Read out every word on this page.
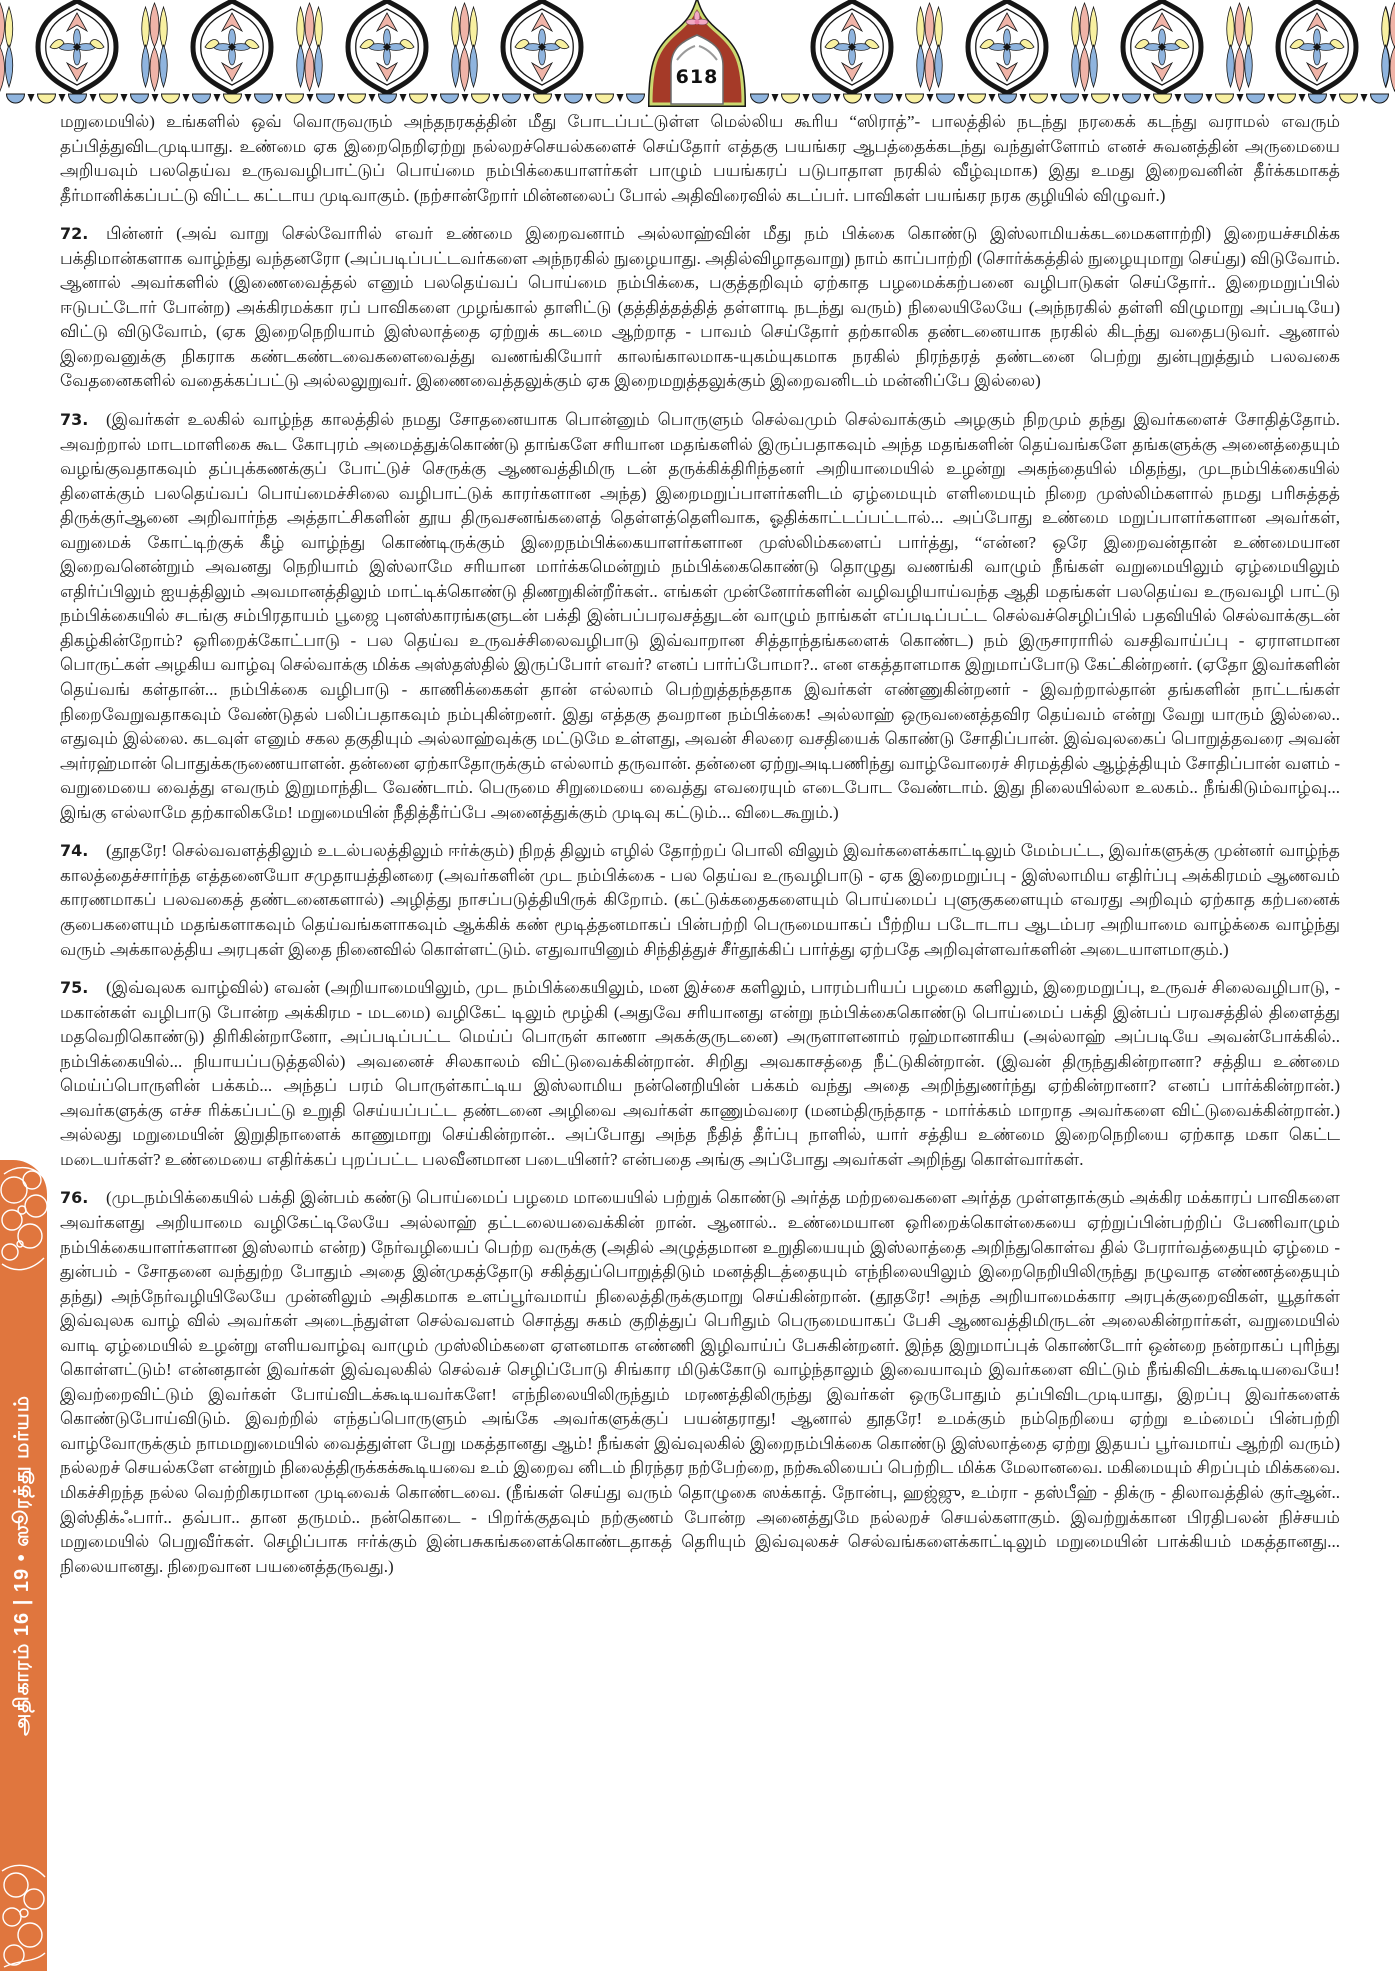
618
அதிகாரம் 16 | 19 • ஸூரத்து மர்யம்

மறுமையில்) உங்களில் ஒவ் வொருவரும் அந்தநரகத்தின் மீது போடப்பட்டுள்ள மெல்லிய கூரிய “ஸிராத்”- பாலத்தில் நடந்து நரகைக் கடந்து வராமல் எவரும் தப்பித்துவிடமுடியாது. உண்மை ஏக இறைநெறிஏற்று நல்லறச்செயல்களைச் செய்தோர் எத்தகு பயங்கர ஆபத்தைக்கடந்து வந்துள்ளோம் எனச் சுவனத்தின் அருமையை அறியவும் பலதெய்வ உருவவழிபாட்டுப் பொய்மை நம்பிக்கையாளர்கள் பாழும் பயங்கரப் படுபாதாள நரகில் வீழ்வுமாக) இது உமது இறைவனின் தீர்க்கமாகத் தீர்மானிக்கப்பட்டு விட்ட கட்டாய முடிவாகும். (நற்சான்றோர் மின்னலைப் போல் அதிவிரைவில் கடப்பர். பாவிகள் பயங்கர நரக குழியில் விழுவர்.)

72. பின்னர் (அவ் வாறு செல்வோரில் எவர் உண்மை இறைவனாம் அல்லாஹ்வின் மீது நம் பிக்கை கொண்டு இஸ்லாமியக்கடமைகளாற்றி) இறையச்சமிக்க பக்திமான்களாக வாழ்ந்து வந்தனரோ (அப்படிப்பட்டவர்களை அந்நரகில் நுழையாது. அதில்விழாதவாறு) நாம் காப்பாற்றி (சொர்க்கத்தில் நுழையுமாறு செய்து) விடுவோம். ஆனால் அவர்களில் (இணைவைத்தல் எனும் பலதெய்வப் பொய்மை நம்பிக்கை, பகுத்தறிவும் ஏற்காத பழமைக்கற்பனை வழிபாடுகள் செய்தோர்.. இறைமறுப்பில் ஈடுபட்டோர் போன்ற) அக்கிரமக்கா ரப் பாவிகளை முழங்கால் தாளிட்டு (தத்தித்தத்தித் தள்ளாடி நடந்து வரும்) நிலையிலேயே (அந்நரகில் தள்ளி விழுமாறு அப்படியே) விட்டு விடுவோம், (ஏக இறைநெறியாம் இஸ்லாத்தை ஏற்றுக் கடமை ஆற்றாத - பாவம் செய்தோர் தற்காலிக தண்டனையாக நரகில் கிடந்து வதைபடுவர். ஆனால் இறைவனுக்கு நிகராக கண்டகண்டவைகளைவைத்து வணங்கியோர் காலங்காலமாக-யுகம்யுகமாக நரகில் நிரந்தரத் தண்டனை பெற்று துன்புறுத்தும் பலவகை வேதனைகளில் வதைக்கப்பட்டு அல்லலுறுவர். இணைவைத்தலுக்கும் ஏக இறைமறுத்தலுக்கும் இறைவனிடம் மன்னிப்பே இல்லை)

73. (இவர்கள் உலகில் வாழ்ந்த காலத்தில் நமது சோதனையாக பொன்னும் பொருளும் செல்வமும் செல்வாக்கும் அழகும் நிறமும் தந்து இவர்களைச் சோதித்தோம். அவற்றால் மாடமாளிகை கூட கோபுரம் அமைத்துக்கொண்டு தாங்களே சரியான மதங்களில் இருப்பதாகவும் அந்த மதங்களின் தெய்வங்களே தங்களுக்கு அனைத்தையும் வழங்குவதாகவும் தப்புக்கணக்குப் போட்டுச் செருக்கு ஆணவத்திமிரு டன் தருக்கிக்திரிந்தனர் அறியாமையில் உழன்று அகந்தையில் மிதந்து, முடநம்பிக்கையில் திளைக்கும் பலதெய்வப் பொய்மைச்சிலை வழிபாட்டுக் காரர்களான அந்த) இறைமறுப்பாளர்களிடம் ஏழ்மையும் எளிமையும் நிறை முஸ்லிம்களால் நமது பரிசுத்தத் திருக்குர்ஆனை அறிவார்ந்த அத்தாட்சிகளின் தூய திருவசனங்களைத் தெள்ளத்தெளிவாக, ஓதிக்காட்டப்பட்டால்... அப்போது உண்மை மறுப்பாளர்களான அவர்கள், வறுமைக் கோட்டிற்குக் கீழ் வாழ்ந்து கொண்டிருக்கும் இறைநம்பிக்கையாளர்களான முஸ்லிம்களைப் பார்த்து, “என்ன? ஒரே இறைவன்தான் உண்மையான இறைவனென்றும் அவனது நெறியாம் இஸ்லாமே சரியான மார்க்கமென்றும் நம்பிக்கைகொண்டு தொழுது வணங்கி வாழும் நீங்கள் வறுமையிலும் ஏழ்மையிலும் எதிர்ப்பிலும் ஐயத்திலும் அவமானத்திலும் மாட்டிக்கொண்டு திணறுகின்றீர்கள்.. எங்கள் முன்னோர்களின் வழிவழியாய்வந்த ஆதி மதங்கள் பலதெய்வ உருவவழி பாட்டு நம்பிக்கையில் சடங்கு சம்பிரதாயம் பூஜை புனஸ்காரங்களுடன் பக்தி இன்பப்பரவசத்துடன் வாழும் நாங்கள் எப்படிப்பட்ட செல்வச்செழிப்பில் பதவியில் செல்வாக்குடன் திகழ்கின்றோம்? ஒரிறைக்கோட்பாடு - பல தெய்வ உருவச்சிலைவழிபாடு இவ்வாறான சித்தாந்தங்களைக் கொண்ட) நம் இருசாராரில் வசதிவாய்ப்பு - ஏராளமான பொருட்கள் அழகிய வாழ்வு செல்வாக்கு மிக்க அஸ்தஸ்தில் இருப்போர் எவர்? எனப் பார்ப்போமா?.. என எகத்தாளமாக இறுமாப்போடு கேட்கின்றனர். (ஏதோ இவர்களின் தெய்வங் கள்தான்... நம்பிக்கை வழிபாடு - காணிக்கைகள் தான் எல்லாம் பெற்றுத்தந்ததாக இவர்கள் எண்ணுகின்றனர் - இவற்றால்தான் தங்களின் நாட்டங்கள் நிறைவேறுவதாகவும் வேண்டுதல் பலிப்பதாகவும் நம்புகின்றனர். இது எத்தகு தவறான நம்பிக்கை! அல்லாஹ் ஒருவனைத்தவிர தெய்வம் என்று வேறு யாரும் இல்லை.. எதுவும் இல்லை. கடவுள் எனும் சகல தகுதியும் அல்லாஹ்வுக்கு மட்டுமே உள்ளது, அவன் சிலரை வசதியைக் கொண்டு சோதிப்பான். இவ்வுலகைப் பொறுத்தவரை அவன் அர்ரஹ்மான் பொதுக்கருணையாளன். தன்னை ஏற்காதோருக்கும் எல்லாம் தருவான். தன்னை ஏற்றுஅடிபணிந்து வாழ்வோரைச் சிரமத்தில் ஆழ்த்தியும் சோதிப்பான் வளம் - வறுமையை வைத்து எவரும் இறுமாந்திட வேண்டாம். பெருமை சிறுமையை வைத்து எவரையும் எடைபோட வேண்டாம். இது நிலையில்லா உலகம்.. நீங்கிடும்வாழ்வு... இங்கு எல்லாமே தற்காலிகமே! மறுமையின் நீதித்தீர்ப்பே அனைத்துக்கும் முடிவு கட்டும்... விடைகூறும்.)

74. (தூதரே! செல்வவளத்திலும் உடல்பலத்திலும் ஈர்க்கும்) நிறத் திலும் எழில் தோற்றப் பொலி விலும் இவர்களைக்காட்டிலும் மேம்பட்ட, இவர்களுக்கு முன்னர் வாழ்ந்த காலத்தைச்சார்ந்த எத்தனையோ சமுதாயத்தினரை (அவர்களின் முட நம்பிக்கை - பல தெய்வ உருவழிபாடு - ஏக இறைமறுப்பு - இஸ்லாமிய எதிர்ப்பு அக்கிரமம் ஆணவம் காரணமாகப் பலவகைத் தண்டனைகளால்) அழித்து நாசப்படுத்தியிருக் கிறோம். (கட்டுக்கதைகளையும் பொய்மைப் புளுகுகளையும் எவரது அறிவும் ஏற்காத கற்பனைக் குபைகளையும் மதங்களாகவும் தெய்வங்களாகவும் ஆக்கிக் கண் மூடித்தனமாகப் பின்பற்றி பெருமையாகப் பீற்றிய படோடாப ஆடம்பர அறியாமை வாழ்க்கை வாழ்ந்து வரும் அக்காலத்திய அரபுகள் இதை நினைவில் கொள்ளட்டும். எதுவாயினும் சிந்தித்துச் சீர்தூக்கிப் பார்த்து ஏற்பதே அறிவுள்ளவர்களின் அடையாளமாகும்.)

75. (இவ்வுலக வாழ்வில்) எவன் (அறியாமையிலும், முட நம்பிக்கையிலும், மன இச்சை களிலும், பாரம்பரியப் பழமை களிலும், இறைமறுப்பு, உருவச் சிலைவழிபாடு, - மகான்கள் வழிபாடு போன்ற அக்கிரம - மடமை) வழிகேட் டிலும் மூழ்கி (அதுவே சரியானது என்று நம்பிக்கைகொண்டு பொய்மைப் பக்தி இன்பப் பரவசத்தில் திளைத்து மதவெறிகொண்டு) திரிகின்றானோ, அப்படிப்பட்ட மெய்ப் பொருள் காணா அகக்குருடனை) அருளாளனாம் ரஹ்மானாகிய (அல்லாஹ் அப்படியே அவன்போக்கில்.. நம்பிக்கையில்... நியாயப்படுத்தலில்) அவனைச் சிலகாலம் விட்டுவைக்கின்றான். சிறிது அவகாசத்தை நீட்டுகின்றான். (இவன் திருந்துகின்றானா? சத்திய உண்மை மெய்ப்பொருளின் பக்கம்... அந்தப் பரம் பொருள்காட்டிய இஸ்லாமிய நன்னெறியின் பக்கம் வந்து அதை அறிந்துணர்ந்து ஏற்கின்றானா? எனப் பார்க்கின்றான்.) அவர்களுக்கு எச்ச ரிக்கப்பட்டு உறுதி செய்யப்பட்ட தண்டனை அழிவை அவர்கள் காணும்வரை (மனம்திருந்தாத - மார்க்கம் மாறாத அவர்களை விட்டுவைக்கின்றான்.) அல்லது மறுமையின் இறுதிநாளைக் காணுமாறு செய்கின்றான்.. அப்போது அந்த நீதித் தீர்ப்பு நாளில், யார் சத்திய உண்மை இறைநெறியை ஏற்காத மகா கெட்ட மடையர்கள்? உண்மையை எதிர்க்கப் புறப்பட்ட பலவீனமான படையினர்? என்பதை அங்கு அப்போது அவர்கள் அறிந்து கொள்வார்கள்.

76. (முடநம்பிக்கையில் பக்தி இன்பம் கண்டு பொய்மைப் பழமை மாயையில் பற்றுக் கொண்டு அர்த்த மற்றவைகளை அர்த்த முள்ளதாக்கும் அக்கிர மக்காரப் பாவிகளை அவர்களது அறியாமை வழிகேட்டிலேயே அல்லாஹ் தட்டலையவைக்கின் றான். ஆனால்.. உண்மையான ஒரிறைக்கொள்கையை ஏற்றுப்பின்பற்றிப் பேணிவாழும் நம்பிக்கையாளர்களான இஸ்லாம் என்ற) நேர்வழியைப் பெற்ற வருக்கு (அதில் அழுத்தமான உறுதியையும் இஸ்லாத்தை அறிந்துகொள்வ தில் பேரார்வத்தையும் ஏழ்மை - துன்பம் - சோதனை வந்துற்ற போதும் அதை இன்முகத்தோடு சகித்துப்பொறுத்திடும் மனத்திடத்தையும் எந்நிலையிலும் இறைநெறியிலிருந்து நழுவாத எண்ணத்தையும் தந்து) அந்நேர்வழியிலேயே முன்னிலும் அதிகமாக உளப்பூர்வமாய் நிலைத்திருக்குமாறு செய்கின்றான். (தூதரே! அந்த அறியாமைக்கார அரபுக்குறைவிகள், யூதர்கள் இவ்வுலக வாழ் வில் அவர்கள் அடைந்துள்ள செல்வவளம் சொத்து சுகம் குறித்துப் பெரிதும் பெருமையாகப் பேசி ஆணவத்திமிருடன் அலைகின்றார்கள், வறுமையில் வாடி ஏழ்மையில் உழன்று எளியவாழ்வு வாழும் முஸ்லிம்களை ஏளனமாக எண்ணி இழிவாய்ப் பேசுகின்றனர். இந்த இறுமாப்புக் கொண்டோர் ஒன்றை நன்றாகப் புரிந்து கொள்ளட்டும்! என்னதான் இவர்கள் இவ்வுலகில் செல்வச் செழிப்போடு சிங்கார மிடுக்கோடு வாழ்ந்தாலும் இவையாவும் இவர்களை விட்டும் நீங்கிவிடக்கூடியவையே! இவற்றைவிட்டும் இவர்கள் போய்விடக்கூடியவர்களே! எந்நிலையிலிருந்தும் மரணத்திலிருந்து இவர்கள் ஒருபோதும் தப்பிவிடமுடியாது, இறப்பு இவர்களைக் கொண்டுபோய்விடும். இவற்றில் எந்தப்பொருளும் அங்கே அவர்களுக்குப் பயன்தராது! ஆனால் தூதரே! உமக்கும் நம்நெறியை ஏற்று உம்மைப் பின்பற்றி வாழ்வோருக்கும் நாமமறுமையில் வைத்துள்ள பேறு மகத்தானது ஆம்! நீங்கள் இவ்வுலகில் இறைநம்பிக்கை கொண்டு இஸ்லாத்தை ஏற்று இதயப் பூர்வமாய் ஆற்றி வரும்) நல்லறச் செயல்களே என்றும் நிலைத்திருக்கக்கூடியவை உம் இறைவ னிடம் நிரந்தர நற்பேற்றை, நற்கூலியைப் பெற்றிட மிக்க மேலானவை. மகிமையும் சிறப்பும் மிக்கவை. மிகச்சிறந்த நல்ல வெற்றிகரமான முடிவைக் கொண்டவை. (நீங்கள் செய்து வரும் தொழுகை ஸக்காத். நோன்பு, ஹஜ்ஜு, உம்ரா - தஸ்பீஹ் - திக்ரு - திலாவத்தில் குர்ஆன்.. இஸ்திக்ஃபார்.. தவ்பா.. தான தருமம்.. நன்கொடை - பிறர்க்குதவும் நற்குணம் போன்ற அனைத்துமே நல்லறச் செயல்களாகும். இவற்றுக்கான பிரதிபலன் நிச்சயம் மறுமையில் பெறுவீர்கள். செழிப்பாக ஈர்க்கும் இன்பசுகங்களைக்கொண்டதாகத் தெரியும் இவ்வுலகச் செல்வங்களைக்காட்டிலும் மறுமையின் பாக்கியம் மகத்தானது... நிலையானது. நிறைவான பயனைத்தருவது.)
